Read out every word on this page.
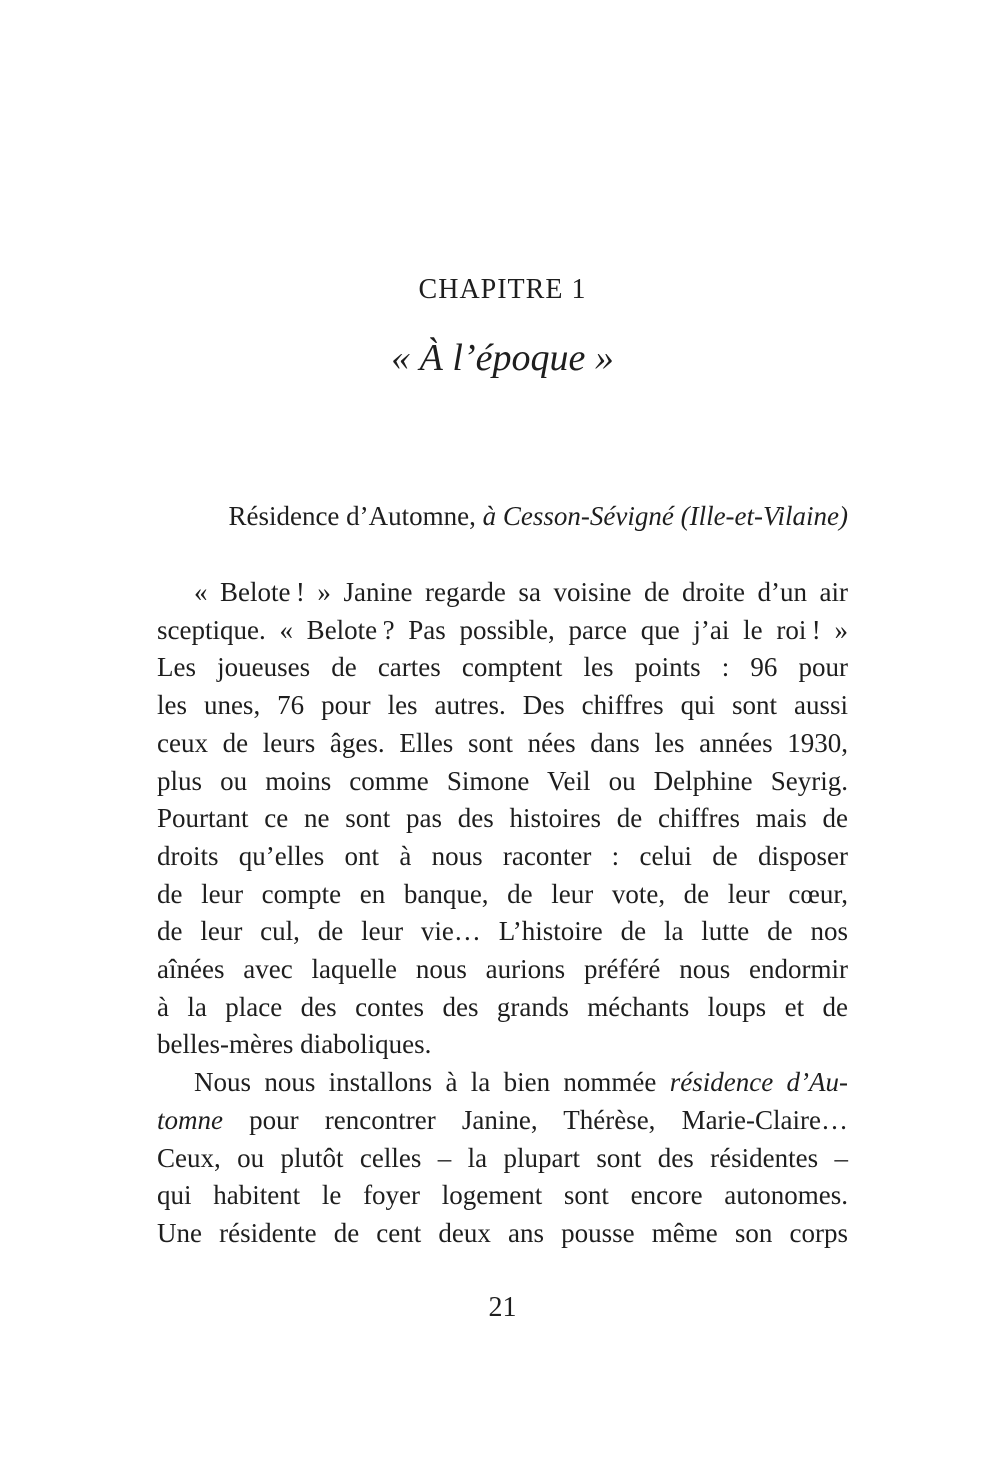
CHAPITRE 1
« À l’époque »
Résidence d’Automne, à Cesson-Sévigné (Ille-et-Vilaine)
« Belote ! » Janine regarde sa voisine de droite d’un air
sceptique. « Belote ? Pas possible, parce que j’ai le roi ! »
Les joueuses de cartes comptent les points : 96 pour
les unes, 76 pour les autres. Des chiffres qui sont aussi
ceux de leurs âges. Elles sont nées dans les années 1930,
plus ou moins comme Simone Veil ou Delphine Seyrig.
Pourtant ce ne sont pas des histoires de chiffres mais de
droits qu’elles ont à nous raconter : celui de disposer
de leur compte en banque, de leur vote, de leur cœur,
de leur cul, de leur vie… L’histoire de la lutte de nos
aînées avec laquelle nous aurions préféré nous endormir
à la place des contes des grands méchants loups et de
belles-mères diaboliques.
Nous nous installons à la bien nommée résidence d’Au-
tomne pour rencontrer Janine, Thérèse, Marie-Claire…
Ceux, ou plutôt celles – la plupart sont des résidentes –
qui habitent le foyer logement sont encore autonomes.
Une résidente de cent deux ans pousse même son corps
21
